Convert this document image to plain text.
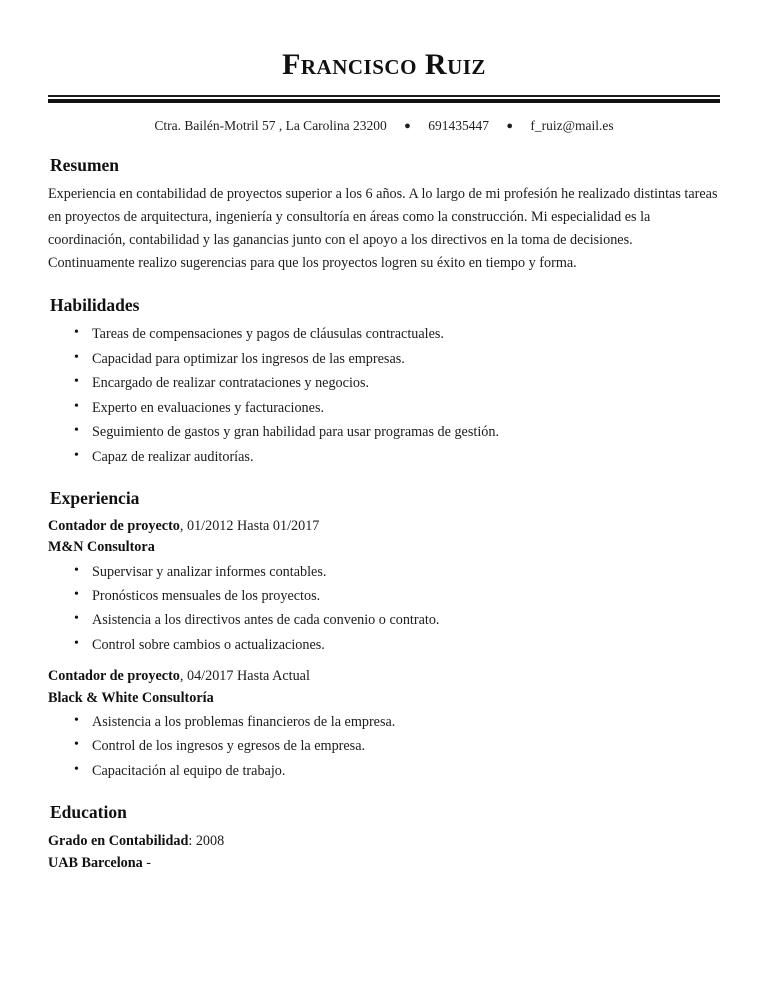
Francisco Ruiz
Ctra. Bailén-Motril 57 , La Carolina 23200 ● 691435447 ● f_ruiz@mail.es
Resumen

Experiencia en contabilidad de proyectos superior a los 6 años. A lo largo de mi profesión he realizado distintas tareas en proyectos de arquitectura, ingeniería y consultoría en áreas como la construcción. Mi especialidad es la coordinación, contabilidad y las ganancias junto con el apoyo a los directivos en la toma de decisiones. Continuamente realizo sugerencias para que los proyectos logren su éxito en tiempo y forma.

Habilidades
• Tareas de compensaciones y pagos de cláusulas contractuales.
• Capacidad para optimizar los ingresos de las empresas.
• Encargado de realizar contrataciones y negocios.
• Experto en evaluaciones y facturaciones.
• Seguimiento de gastos y gran habilidad para usar programas de gestión.
• Capaz de realizar auditorías.
Experiencia

Contador de proyecto, 01/2012 Hasta 01/2017

M&N Consultora

• Supervisar y analizar informes contables.
• Pronósticos mensuales de los proyectos.
• Asistencia a los directivos antes de cada convenio o contrato.
• Control sobre cambios o actualizaciones.

Contador de proyecto, 04/2017 Hasta Actual

Black & White Consultoría

• Asistencia a los problemas financieros de la empresa.
• Control de los ingresos y egresos de la empresa.
• Capacitación al equipo de trabajo.
Education

Grado en Contabilidad: 2008

UAB Barcelona -
